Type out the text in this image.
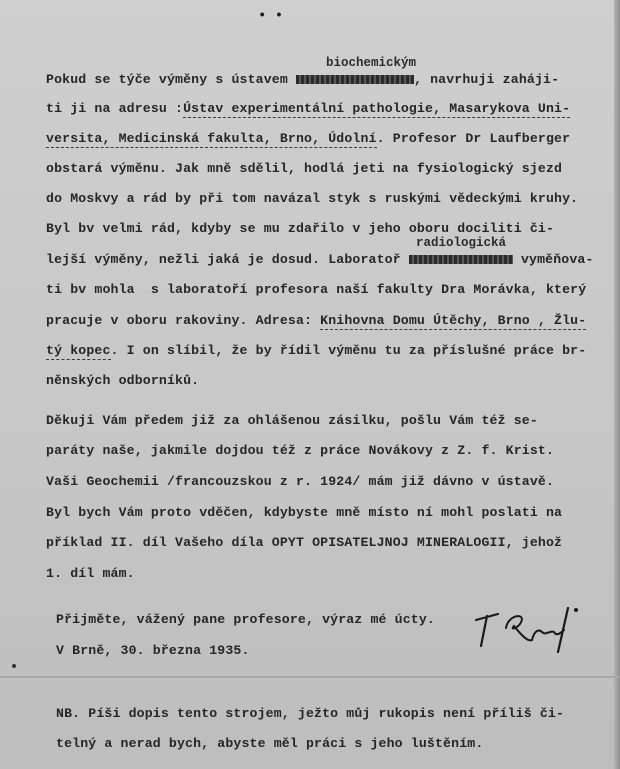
• •
biochemickým
radiologická
Pokud se týče výměny s ústavem	, navrhuji zaháji-
ti ji na adresu :Ústav experimentální pathologie, Masarykova Uni-
versita, Medicinská fakulta, Brno, Údolní. Profesor Dr Laufberger
obstará výměnu. Jak mně sdělil, hodlá jeti na fysiologický sjezd
do Moskvy a rád by při tom navázal styk s ruskými vědeckými kruhy.
Byl bv velmi rád, kdyby se mu zdařilo v jeho oboru dociliti či-
lejší výměny, nežli jaká je dosud. Laboratoř	vyměňova-
ti bv mohla  s laboratoří profesora naší fakulty Dra Morávka, který
pracuje v oboru rakoviny. Adresa: Knihovna Domu Útěchy, Brno , Žlu-
tý kopec. I on slíbil, že by řídil výměnu tu za příslušné práce br-
něnských odborníků.
Děkuji Vám předem již za ohlášenou zásilku, pošlu Vám též se-
paráty naše, jakmile dojdou též z práce Novákovy z Z. f. Krist.
Vaši Geochemii /francouzskou z r. 1924/ mám již dávno v ústavě.
Byl bych Vám proto vděčen, kdybyste mně místo ní mohl poslati na
příklad II. díl Vašeho díla OPYT OPISATELJNOJ MINERALOGII, jehož
1. díl mám.
Přijměte, vážený pane profesore, výraz mé úcty.
V Brně, 30. března 1935.
NB. Píši dopis tento strojem, ježto můj rukopis není příliš či-
telný a nerad bych, abyste měl práci s jeho luštěním.
